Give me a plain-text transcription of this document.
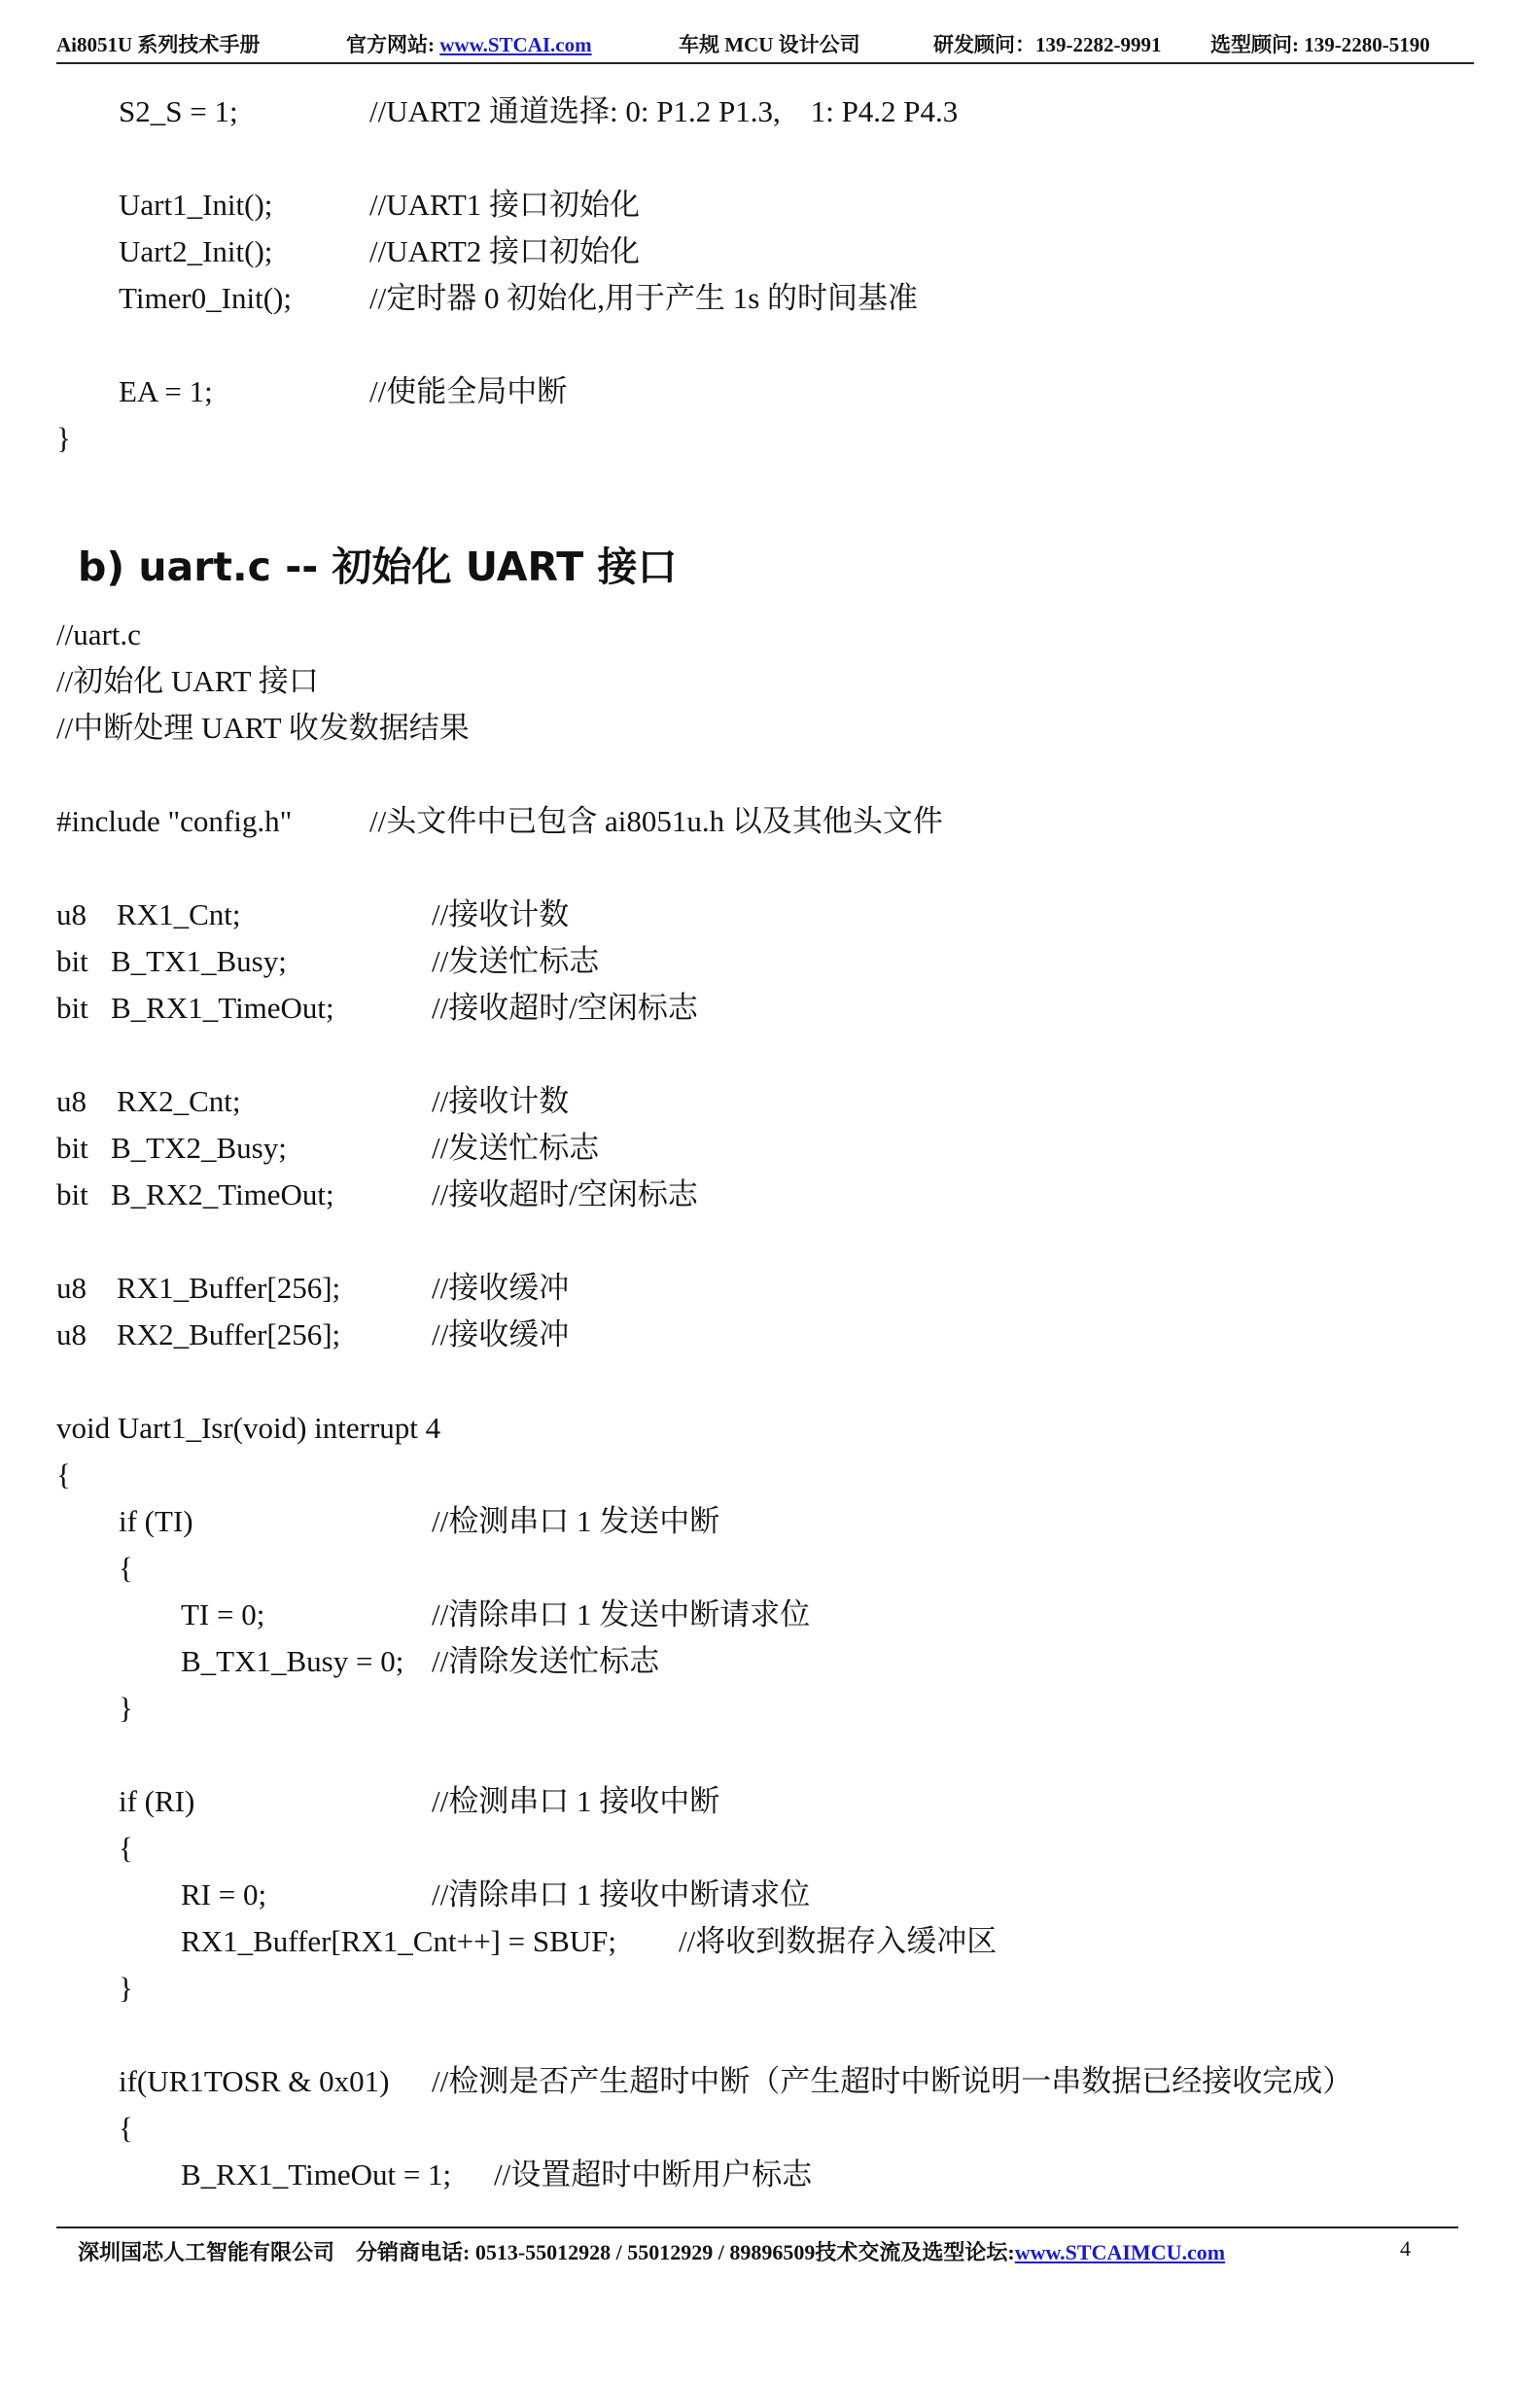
Ai8051U 系列技术手册	官方网站: www.STCAI.com	车规 MCU 设计公司	研发顾问：139-2282-9991 选型顾问: 139-2280-5190
S2_S = 1;	//UART2 通道选择: 0: P1.2 P1.3,    1: P4.2 P4.3
Uart1_Init();	//UART1 接口初始化
Uart2_Init();	//UART2 接口初始化
Timer0_Init();	//定时器 0 初始化,用于产生 1s 的时间基准
EA = 1;	//使能全局中断
}
b) uart.c -- 初始化 UART 接口
//uart.c
//初始化 UART 接口
//中断处理 UART 收发数据结果
#include "config.h"	//头文件中已包含 ai8051u.h 以及其他头文件
u8    RX1_Cnt;	//接收计数
bit   B_TX1_Busy;	//发送忙标志
bit   B_RX1_TimeOut;	//接收超时/空闲标志
u8    RX2_Cnt;	//接收计数
bit   B_TX2_Busy;	//发送忙标志
bit   B_RX2_TimeOut;	//接收超时/空闲标志
u8    RX1_Buffer[256];	//接收缓冲
u8    RX2_Buffer[256];	//接收缓冲
void Uart1_Isr(void) interrupt 4
{
if (TI)	//检测串口 1 发送中断
{
TI = 0;	//清除串口 1 发送中断请求位
B_TX1_Busy = 0; //清除发送忙标志
}
if (RI)	//检测串口 1 接收中断
{
RI = 0;	//清除串口 1 接收中断请求位
RX1_Buffer[RX1_Cnt++] = SBUF; //将收到数据存入缓冲区
}
if(UR1TOSR & 0x01) //检测是否产生超时中断（产生超时中断说明一串数据已经接收完成）
{
B_RX1_TimeOut = 1; //设置超时中断用户标志
深圳国芯人工智能有限公司 分销商电话: 0513-55012928 / 55012929 / 89896509技术交流及选型论坛:www.STCAIMCU.com	4
